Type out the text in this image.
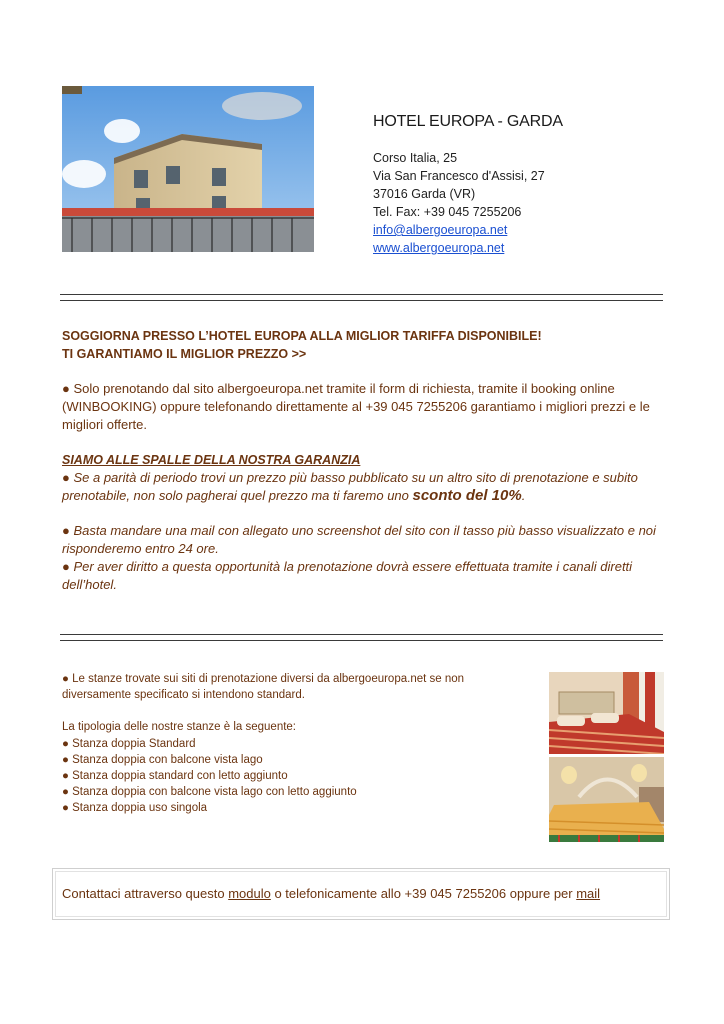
HOTEL EUROPA - GARDA
Corso Italia, 25
Via San Francesco d'Assisi, 27
37016 Garda (VR)
Tel. Fax: +39 045 7255206
info@albergoeuropa.net
www.albergoeuropa.net

SOGGIORNA PRESSO L’HOTEL EUROPA ALLA MIGLIOR TARIFFA DISPONIBILE!

TI GARANTIAMO IL MIGLIOR PREZZO >>

● Solo prenotando dal sito albergoeuropa.net tramite il form di richiesta, tramite il booking online (WINBOOKING) oppure telefonando direttamente al +39 045 7255206 garantiamo i migliori prezzi e le migliori offerte.

SIAMO ALLE SPALLE DELLA NOSTRA GARANZIA

● Se a parità di periodo trovi un prezzo più basso pubblicato su un altro sito di prenotazione e subito prenotabile, non solo pagherai quel prezzo ma ti faremo uno sconto del 10%.

● Basta mandare una mail con allegato uno screenshot del sito con il tasso più basso visualizzato e noi risponderemo entro 24 ore.

● Per aver diritto a questa opportunità la prenotazione dovrà essere effettuata tramite i canali diretti dell’hotel.

● Le stanze trovate sui siti di prenotazione diversi da albergoeuropa.net se non diversamente specificato si intendono standard.

La tipologia delle nostre stanze è la seguente:

● Stanza doppia Standard
● Stanza doppia con balcone vista lago
● Stanza doppia standard con letto aggiunto
● Stanza doppia con balcone vista lago con letto aggiunto
● Stanza doppia uso singola
Contattaci attraverso questo modulo o telefonicamente allo +39 045 7255206 oppure per mail
